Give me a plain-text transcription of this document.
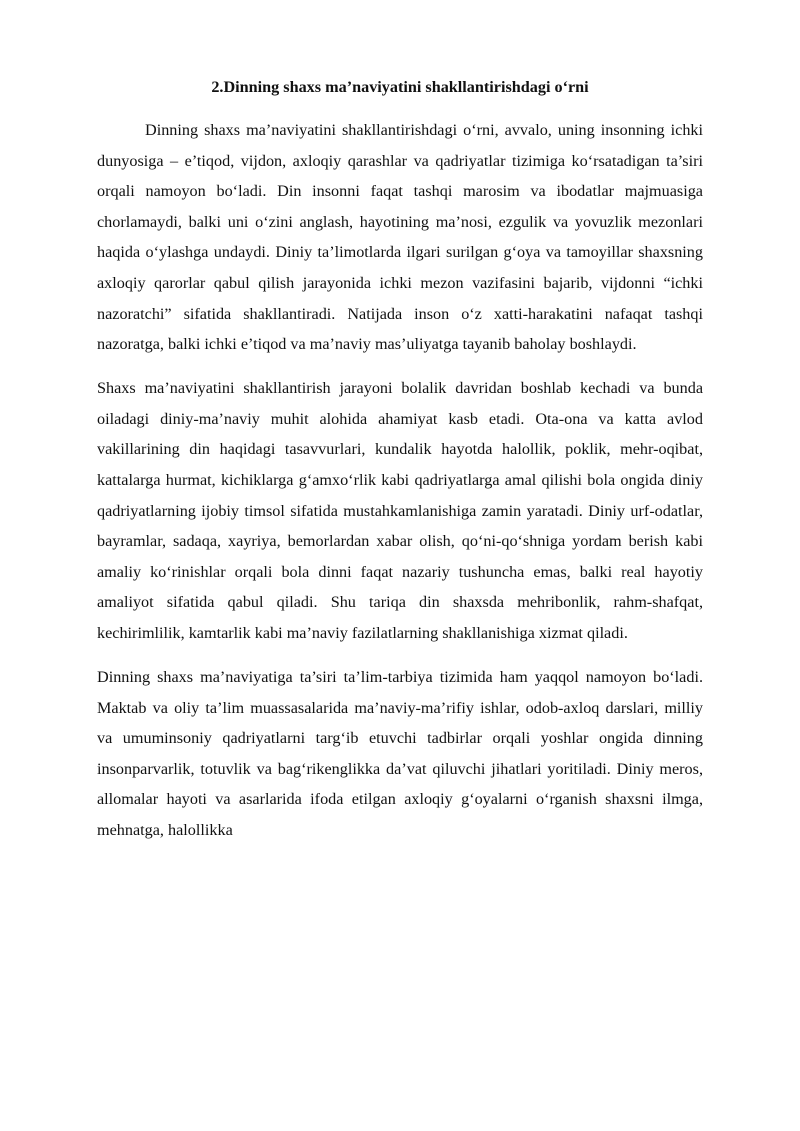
2.Dinning shaxs ma’naviyatini shakllantirishdagi o‘rni

Dinning shaxs ma’naviyatini shakllantirishdagi o‘rni, avvalo, uning insonning ichki dunyosiga – e’tiqod, vijdon, axloqiy qarashlar va qadriyatlar tizimiga ko‘rsatadigan ta’siri orqali namoyon bo‘ladi. Din insonni faqat tashqi marosim va ibodatlar majmuasiga chorlamaydi, balki uni o‘zini anglash, hayotining ma’nosi, ezgulik va yovuzlik mezonlari haqida o‘ylashga undaydi. Diniy ta’limotlarda ilgari surilgan g‘oya va tamoyillar shaxsning axloqiy qarorlar qabul qilish jarayonida ichki mezon vazifasini bajarib, vijdonni “ichki nazoratchi” sifatida shakllantiradi. Natijada inson o‘z xatti-harakatini nafaqat tashqi nazoratga, balki ichki e’tiqod va ma’naviy mas’uliyatga tayanib baholay boshlaydi.

Shaxs ma’naviyatini shakllantirish jarayoni bolalik davridan boshlab kechadi va bunda oiladagi diniy-ma’naviy muhit alohida ahamiyat kasb etadi. Ota-ona va katta avlod vakillarining din haqidagi tasavvurlari, kundalik hayotda halollik, poklik, mehr-oqibat, kattalarga hurmat, kichiklarga g‘amxo‘rlik kabi qadriyatlarga amal qilishi bola ongida diniy qadriyatlarning ijobiy timsol sifatida mustahkamlanishiga zamin yaratadi. Diniy urf-odatlar, bayramlar, sadaqa, xayriya, bemorlardan xabar olish, qo‘ni-qo‘shniga yordam berish kabi amaliy ko‘rinishlar orqali bola dinni faqat nazariy tushuncha emas, balki real hayotiy amaliyot sifatida qabul qiladi. Shu tariqa din shaxsda mehribonlik, rahm-shafqat, kechirimlilik, kamtarlik kabi ma’naviy fazilatlarning shakllanishiga xizmat qiladi.

Dinning shaxs ma’naviyatiga ta’siri ta’lim-tarbiya tizimida ham yaqqol namoyon bo‘ladi. Maktab va oliy ta’lim muassasalarida ma’naviy-ma’rifiy ishlar, odob-axloq darslari, milliy va umuminsoniy qadriyatlarni targ‘ib etuvchi tadbirlar orqali yoshlar ongida dinning insonparvarlik, totuvlik va bag‘rikenglikka da’vat qiluvchi jihatlari yoritiladi. Diniy meros, allomalar hayoti va asarlarida ifoda etilgan axloqiy g‘oyalarni o‘rganish shaxsni ilmga, mehnatga, halollikka
